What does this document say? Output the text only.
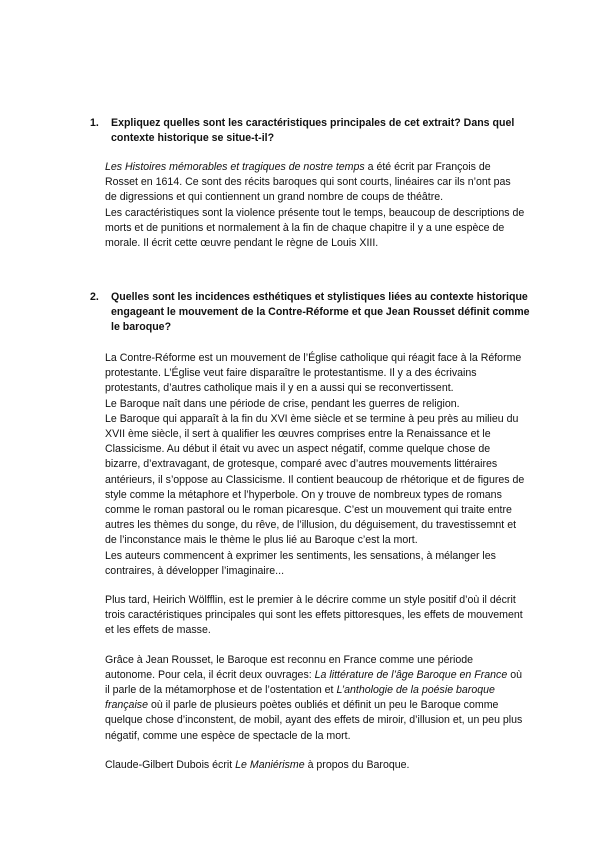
1. Expliquez quelles sont les caractéristiques principales de cet extrait? Dans quel contexte historique se situe-t-il?

Les Histoires mémorables et tragiques de nostre temps a été écrit par François de Rosset en 1614. Ce sont des récits baroques qui sont courts, linéaires car ils n’ont pas de digressions et qui contiennent un grand nombre de coups de théâtre.

Les caractéristiques sont la violence présente tout le temps, beaucoup de descriptions de morts et de punitions et normalement à la fin de chaque chapitre il y a une espèce de morale. Il écrit cette œuvre pendant le règne de Louis XIII.

2. Quelles sont les incidences esthétiques et stylistiques liées au contexte historique engageant le mouvement de la Contre-Réforme et que Jean Rousset définit comme le baroque?

La Contre-Réforme est un mouvement de l’Église catholique qui réagit face à la Réforme protestante. L’Église veut faire disparaître le protestantisme. Il y a des écrivains protestants, d’autres catholique mais il y en a aussi qui se reconvertissent.

Le Baroque naît dans une période de crise, pendant les guerres de religion.

Le Baroque qui apparaît à la fin du XVI ème siècle et se termine à peu près au milieu du XVII ème siècle, il sert à qualifier les œuvres comprises entre la Renaissance et le Classicisme. Au début il était vu avec un aspect négatif, comme quelque chose de bizarre, d’extravagant, de grotesque, comparé avec d’autres mouvements littéraires antérieurs, il s’oppose au Classicisme. Il contient beaucoup de rhétorique et de figures de style comme la métaphore et l’hyperbole. On y trouve de nombreux types de romans comme le roman pastoral ou le roman picaresque. C’est un mouvement qui traite entre autres les thèmes du songe, du rêve, de l’illusion, du déguisement, du travestissemnt et de l’inconstance mais le thème le plus lié au Baroque c’est la mort.

Les auteurs commencent à exprimer les sentiments, les sensations, à mélanger les contraires, à développer l’imaginaire...

Plus tard, Heirich Wölfflin, est le premier à le décrire comme un style positif d’où il décrit trois caractéristiques principales qui sont les effets pittoresques, les effets de mouvement et les effets de masse.

Grâce à Jean Rousset, le Baroque est reconnu en France comme une période autonome. Pour cela, il écrit deux ouvrages: La littérature de l’âge Baroque en France où il parle de la métamorphose et de l’ostentation et L’anthologie de la poésie baroque française où il parle de plusieurs poètes oubliés et définit un peu le Baroque comme quelque chose d’inconstent, de mobil, ayant des effets de miroir, d’illusion et, un peu plus négatif, comme une espèce de spectacle de la mort.

Claude-Gilbert Dubois écrit Le Maniérisme à propos du Baroque.
